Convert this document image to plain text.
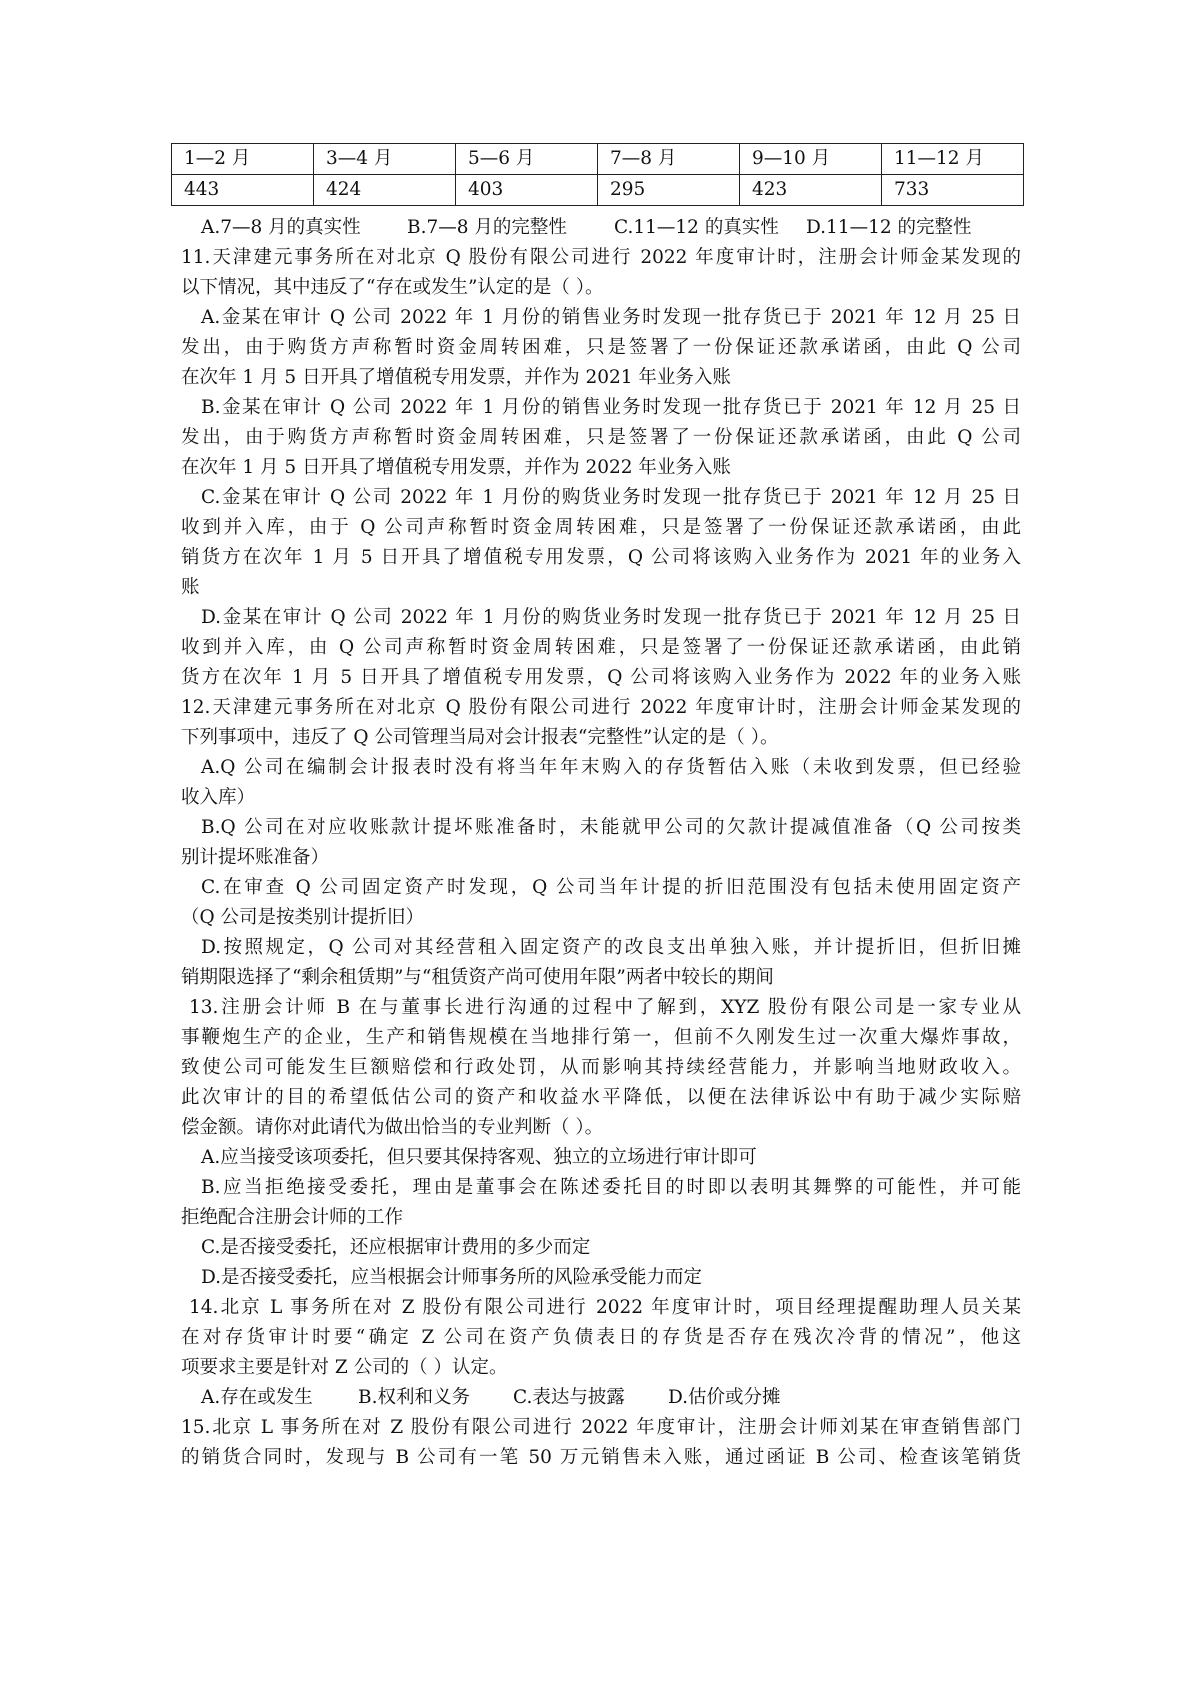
1—2 月	3—4 月	5—6 月	7—8 月	9—10 月	11—12 月
443	424	403	295	423	733
A.7—8 月的真实性	B.7—8 月的完整性	C.11—12 的真实性 D.11—12 的完整性
11.天津建元事务所在对北京 Q 股份有限公司进行 2022 年度审计时，注册会计师金某发现的
以下情况，其中违反了“存在或发生”认定的是（ ）。
A.金某在审计 Q 公司 2022 年 1 月份的销售业务时发现一批存货已于 2021 年 12 月 25 日
发出，由于购货方声称暂时资金周转困难，只是签署了一份保证还款承诺函，由此 Q 公司
在次年 1 月 5 日开具了增值税专用发票，并作为 2021 年业务入账
B.金某在审计 Q 公司 2022 年 1 月份的销售业务时发现一批存货已于 2021 年 12 月 25 日
发出，由于购货方声称暂时资金周转困难，只是签署了一份保证还款承诺函，由此 Q 公司
在次年 1 月 5 日开具了增值税专用发票，并作为 2022 年业务入账
C.金某在审计 Q 公司 2022 年 1 月份的购货业务时发现一批存货已于 2021 年 12 月 25 日
收到并入库，由于 Q 公司声称暂时资金周转困难，只是签署了一份保证还款承诺函，由此
销货方在次年 1 月 5 日开具了增值税专用发票，Q 公司将该购入业务作为 2021 年的业务入
账
D.金某在审计 Q 公司 2022 年 1 月份的购货业务时发现一批存货已于 2021 年 12 月 25 日
收到并入库，由 Q 公司声称暂时资金周转困难，只是签署了一份保证还款承诺函，由此销
货方在次年 1 月 5 日开具了增值税专用发票，Q 公司将该购入业务作为 2022 年的业务入账
12.天津建元事务所在对北京 Q 股份有限公司进行 2022 年度审计时，注册会计师金某发现的
下列事项中，违反了 Q 公司管理当局对会计报表“完整性”认定的是（ ）。
A.Q 公司在编制会计报表时没有将当年年末购入的存货暂估入账（未收到发票，但已经验
收入库）
B.Q 公司在对应收账款计提坏账准备时，未能就甲公司的欠款计提减值准备（Q 公司按类
别计提坏账准备）
C.在审查 Q 公司固定资产时发现，Q 公司当年计提的折旧范围没有包括未使用固定资产
（Q 公司是按类别计提折旧）
D.按照规定，Q 公司对其经营租入固定资产的改良支出单独入账，并计提折旧，但折旧摊
销期限选择了“剩余租赁期”与“租赁资产尚可使用年限”两者中较长的期间
13.注册会计师 B 在与董事长进行沟通的过程中了解到，XYZ 股份有限公司是一家专业从
事鞭炮生产的企业，生产和销售规模在当地排行第一，但前不久刚发生过一次重大爆炸事故，
致使公司可能发生巨额赔偿和行政处罚，从而影响其持续经营能力，并影响当地财政收入。
此次审计的目的希望低估公司的资产和收益水平降低，以便在法律诉讼中有助于减少实际赔
偿金额。请你对此请代为做出恰当的专业判断（ ）。
A.应当接受该项委托，但只要其保持客观、独立的立场进行审计即可
B.应当拒绝接受委托，理由是董事会在陈述委托目的时即以表明其舞弊的可能性，并可能
拒绝配合注册会计师的工作
C.是否接受委托，还应根据审计费用的多少而定
D.是否接受委托，应当根据会计师事务所的风险承受能力而定
14.北京 L 事务所在对 Z 股份有限公司进行 2022 年度审计时，项目经理提醒助理人员关某
在对存货审计时要“确定 Z 公司在资产负债表日的存货是否存在残次冷背的情况”，他这
项要求主要是针对 Z 公司的（ ）认定。
A.存在或发生 B.权利和义务 C.表达与披露 D.估价或分摊
15.北京 L 事务所在对 Z 股份有限公司进行 2022 年度审计，注册会计师刘某在审查销售部门
的销货合同时，发现与 B 公司有一笔 50 万元销售未入账，通过函证 B 公司、检查该笔销货
